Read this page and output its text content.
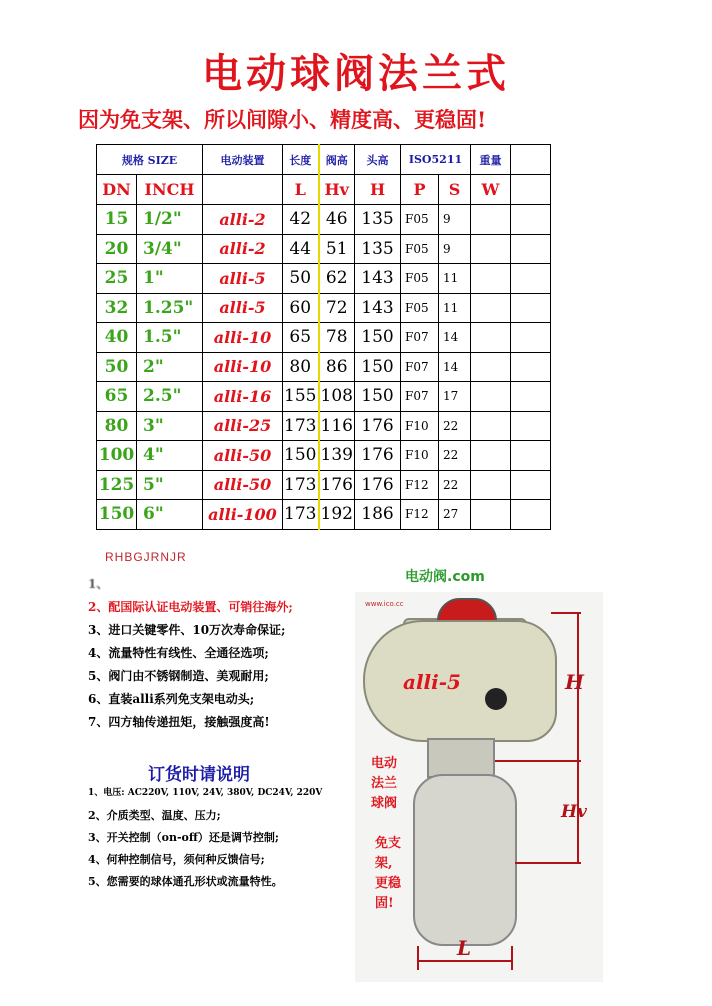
电动球阀法兰式
因为免支架、所以间隙小、精度高、更稳固!
规格 SIZE		电动装置	长度	阀高	头高	ISO5211		重量	
DN	INCH		L	Hv	H	P	S	W	
15	1/2"	alli-2	42	46	135	F05	9		
20	3/4"	alli-2	44	51	135	F05	9		
25	1"	alli-5	50	62	143	F05	11		
32	1.25"	alli-5	60	72	143	F05	11		
40	1.5"	alli-10	65	78	150	F07	14		
50	2"	alli-10	80	86	150	F07	14		
65	2.5"	alli-16	155	108	150	F07	17		
80	3"	alli-25	173	116	176	F10	22		
100	4"	alli-50	150	139	176	F10	22		
125	5"	alli-50	173	176	176	F12	22		
150	6"	alli-100	173	192	186	F12	27		
RHBGJRNJR
1、
2、配国际认证电动装置、可销往海外;
3、进口关键零件、10万次寿命保证;
4、流量特性有线性、全通径选项;
5、阀门由不锈钢制造、美观耐用;
6、直装alli系列免支架电动头;
7、四方轴传递扭矩，接触强度高!
订货时请说明
1、电压: AC220V, 110V, 24V, 380V, DC24V, 220V
2、介质类型、温度、压力;
3、开关控制（on-off）还是调节控制;
4、何种控制信号，须何种反馈信号;
5、您需要的球体通孔形状或流量特性。
电动阀.com
www.ico.cc
alli-5
电动法兰球阀
免支架,更稳固!
H
Hv
L
